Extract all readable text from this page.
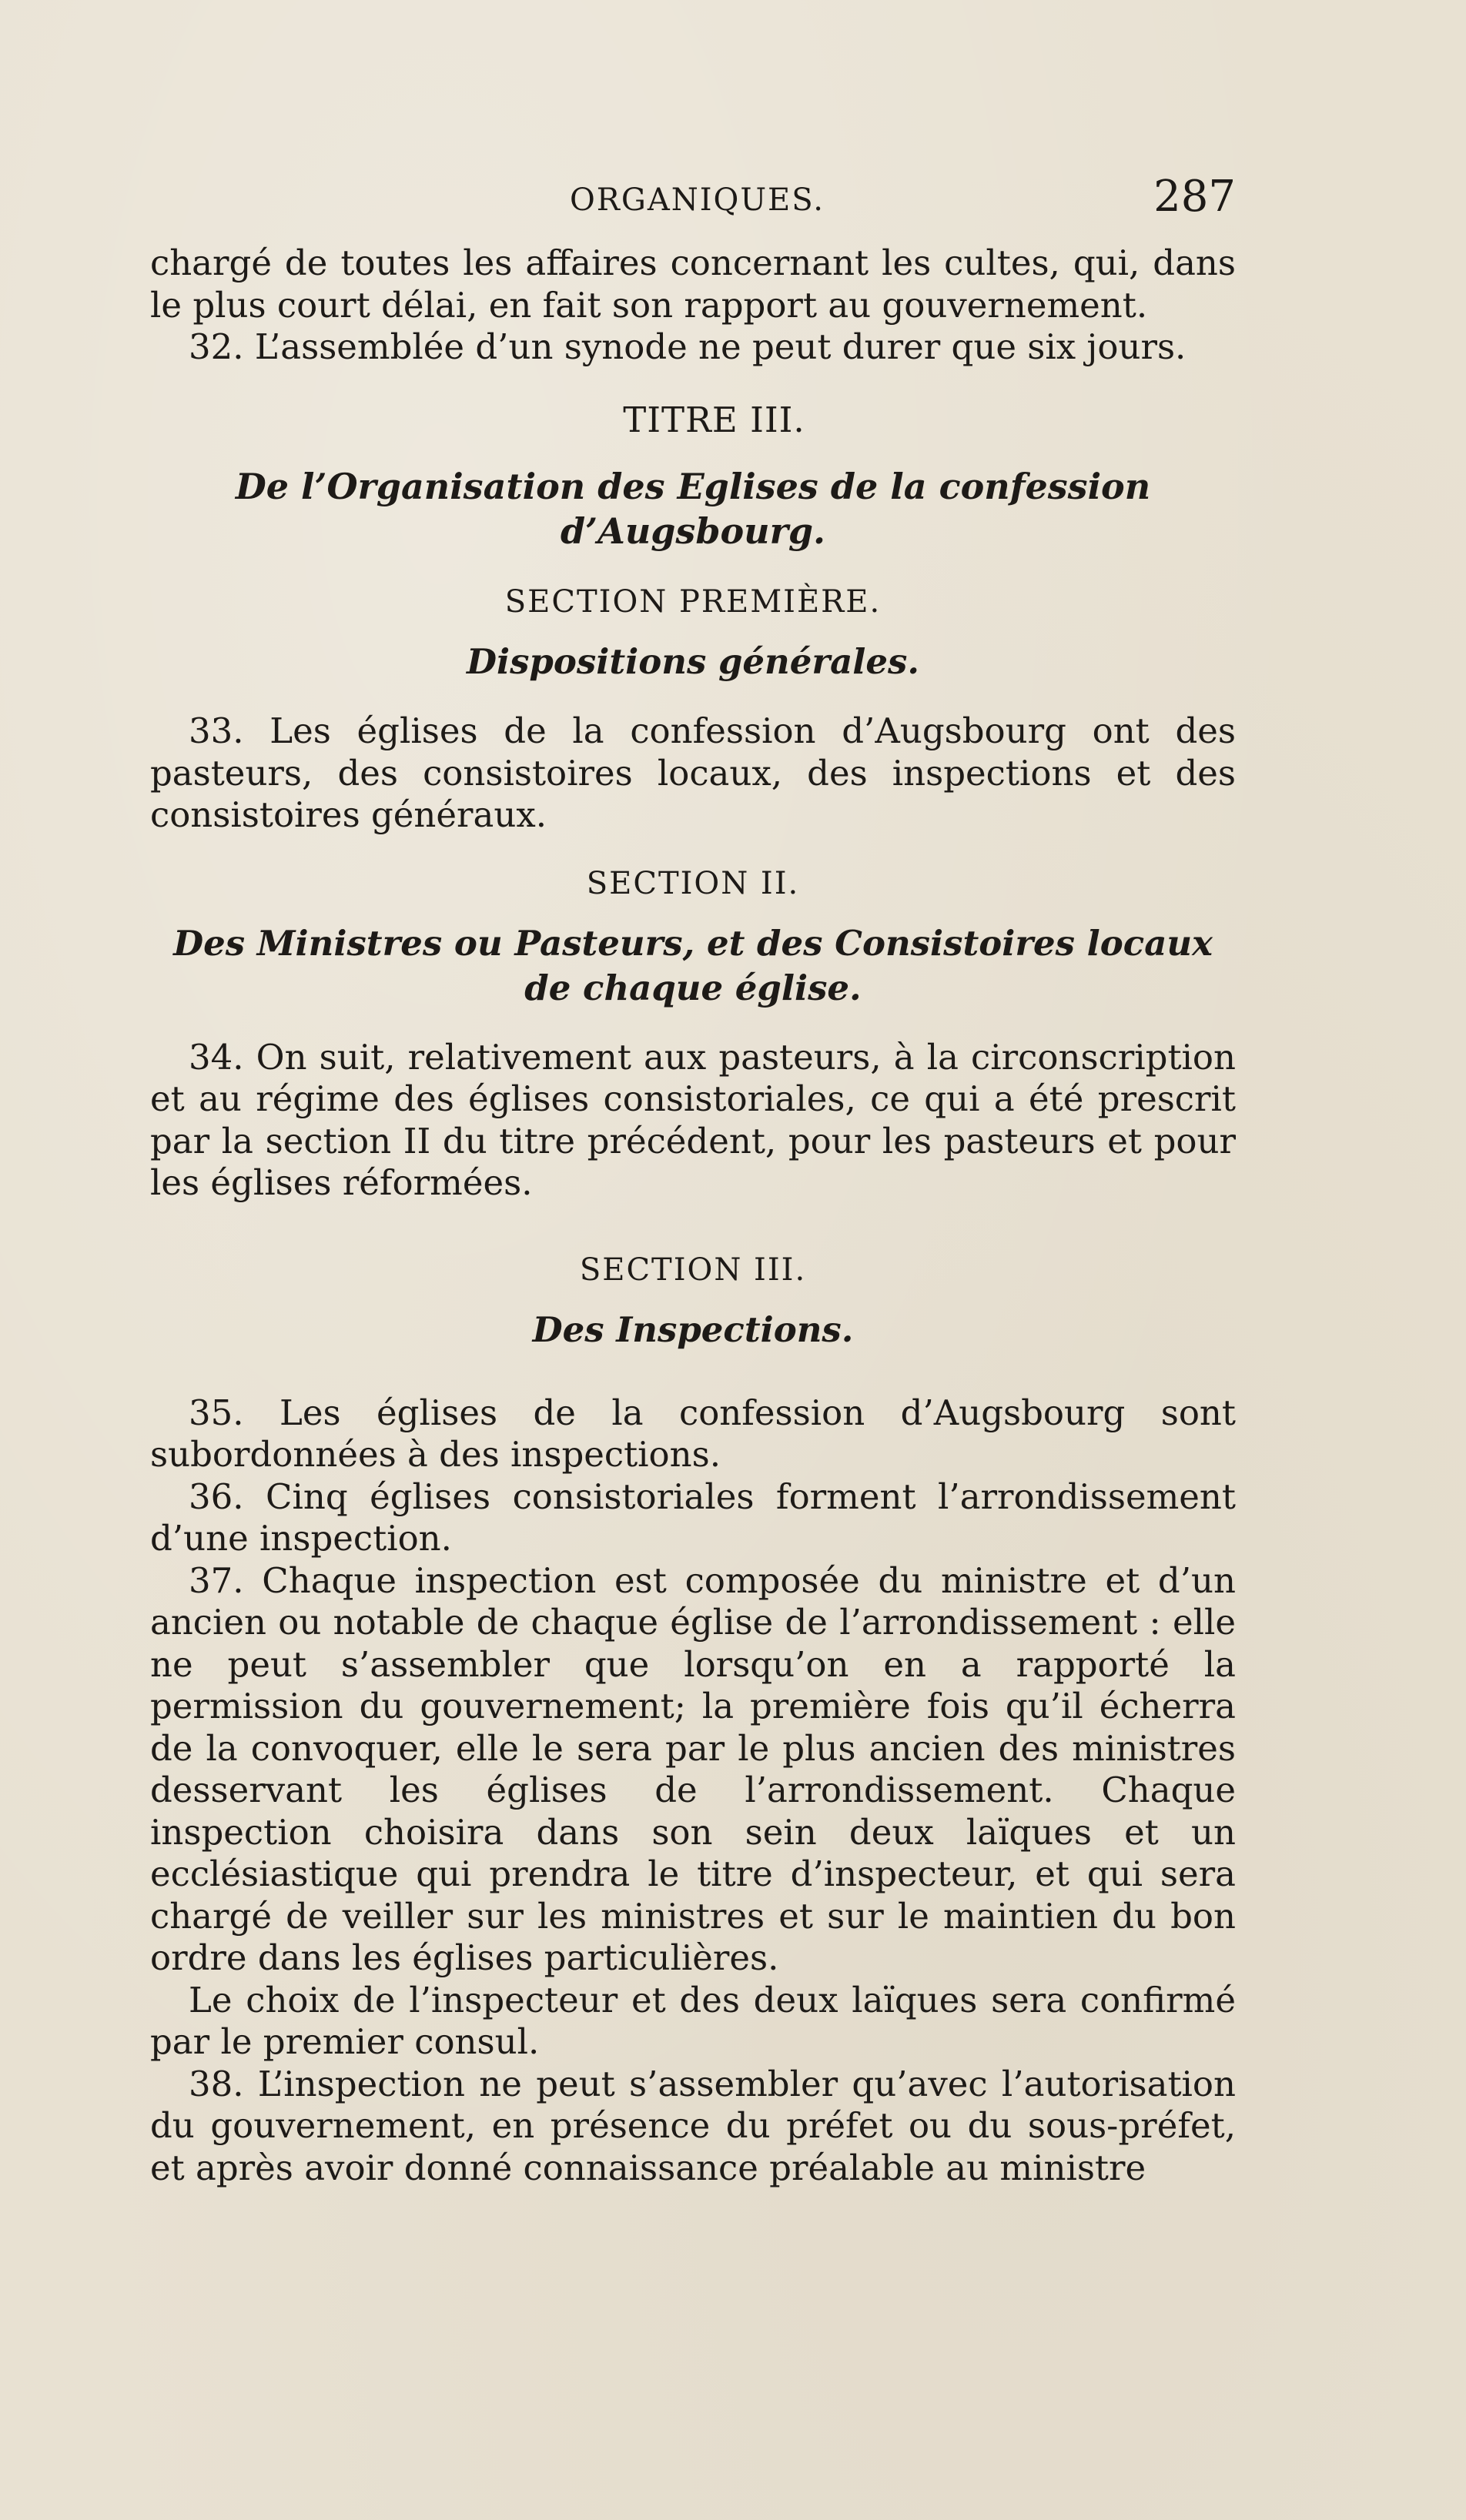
ORGANIQUES.	287

chargé de toutes les affaires concernant les cultes, qui, dans le plus court délai, en fait son rapport au gouvernement.

32. L’assemblée d’un synode ne peut durer que six jours.

TITRE III.

De l’Organisation des Eglises de la confession d’Augsbourg.
SECTION PREMIÈRE.
Dispositions générales.

33. Les églises de la confession d’Augsbourg ont des pasteurs, des consistoires locaux, des inspections et des consistoires généraux.

SECTION II.
Des Ministres ou Pasteurs, et des Consistoires locaux de chaque église.

34. On suit, relativement aux pasteurs, à la circonscription et au régime des églises consistoriales, ce qui a été prescrit par la section II du titre précédent, pour les pasteurs et pour les églises réformées.

SECTION III.
Des Inspections.

35. Les églises de la confession d’Augsbourg sont subordonnées à des inspections.

36. Cinq églises consistoriales forment l’arrondissement d’une inspection.

37. Chaque inspection est composée du ministre et d’un ancien ou notable de chaque église de l’arrondissement : elle ne peut s’assembler que lorsqu’on en a rapporté la permission du gouvernement; la première fois qu’il écherra de la convoquer, elle le sera par le plus ancien des ministres desservant les églises de l’arrondissement. Chaque inspection choisira dans son sein deux laïques et un ecclésiastique qui prendra le titre d’inspecteur, et qui sera chargé de veiller sur les ministres et sur le maintien du bon ordre dans les églises particulières.

Le choix de l’inspecteur et des deux laïques sera confirmé par le premier consul.

38. L’inspection ne peut s’assembler qu’avec l’autorisation du gouvernement, en présence du préfet ou du sous-préfet, et après avoir donné connaissance préalable au ministre
